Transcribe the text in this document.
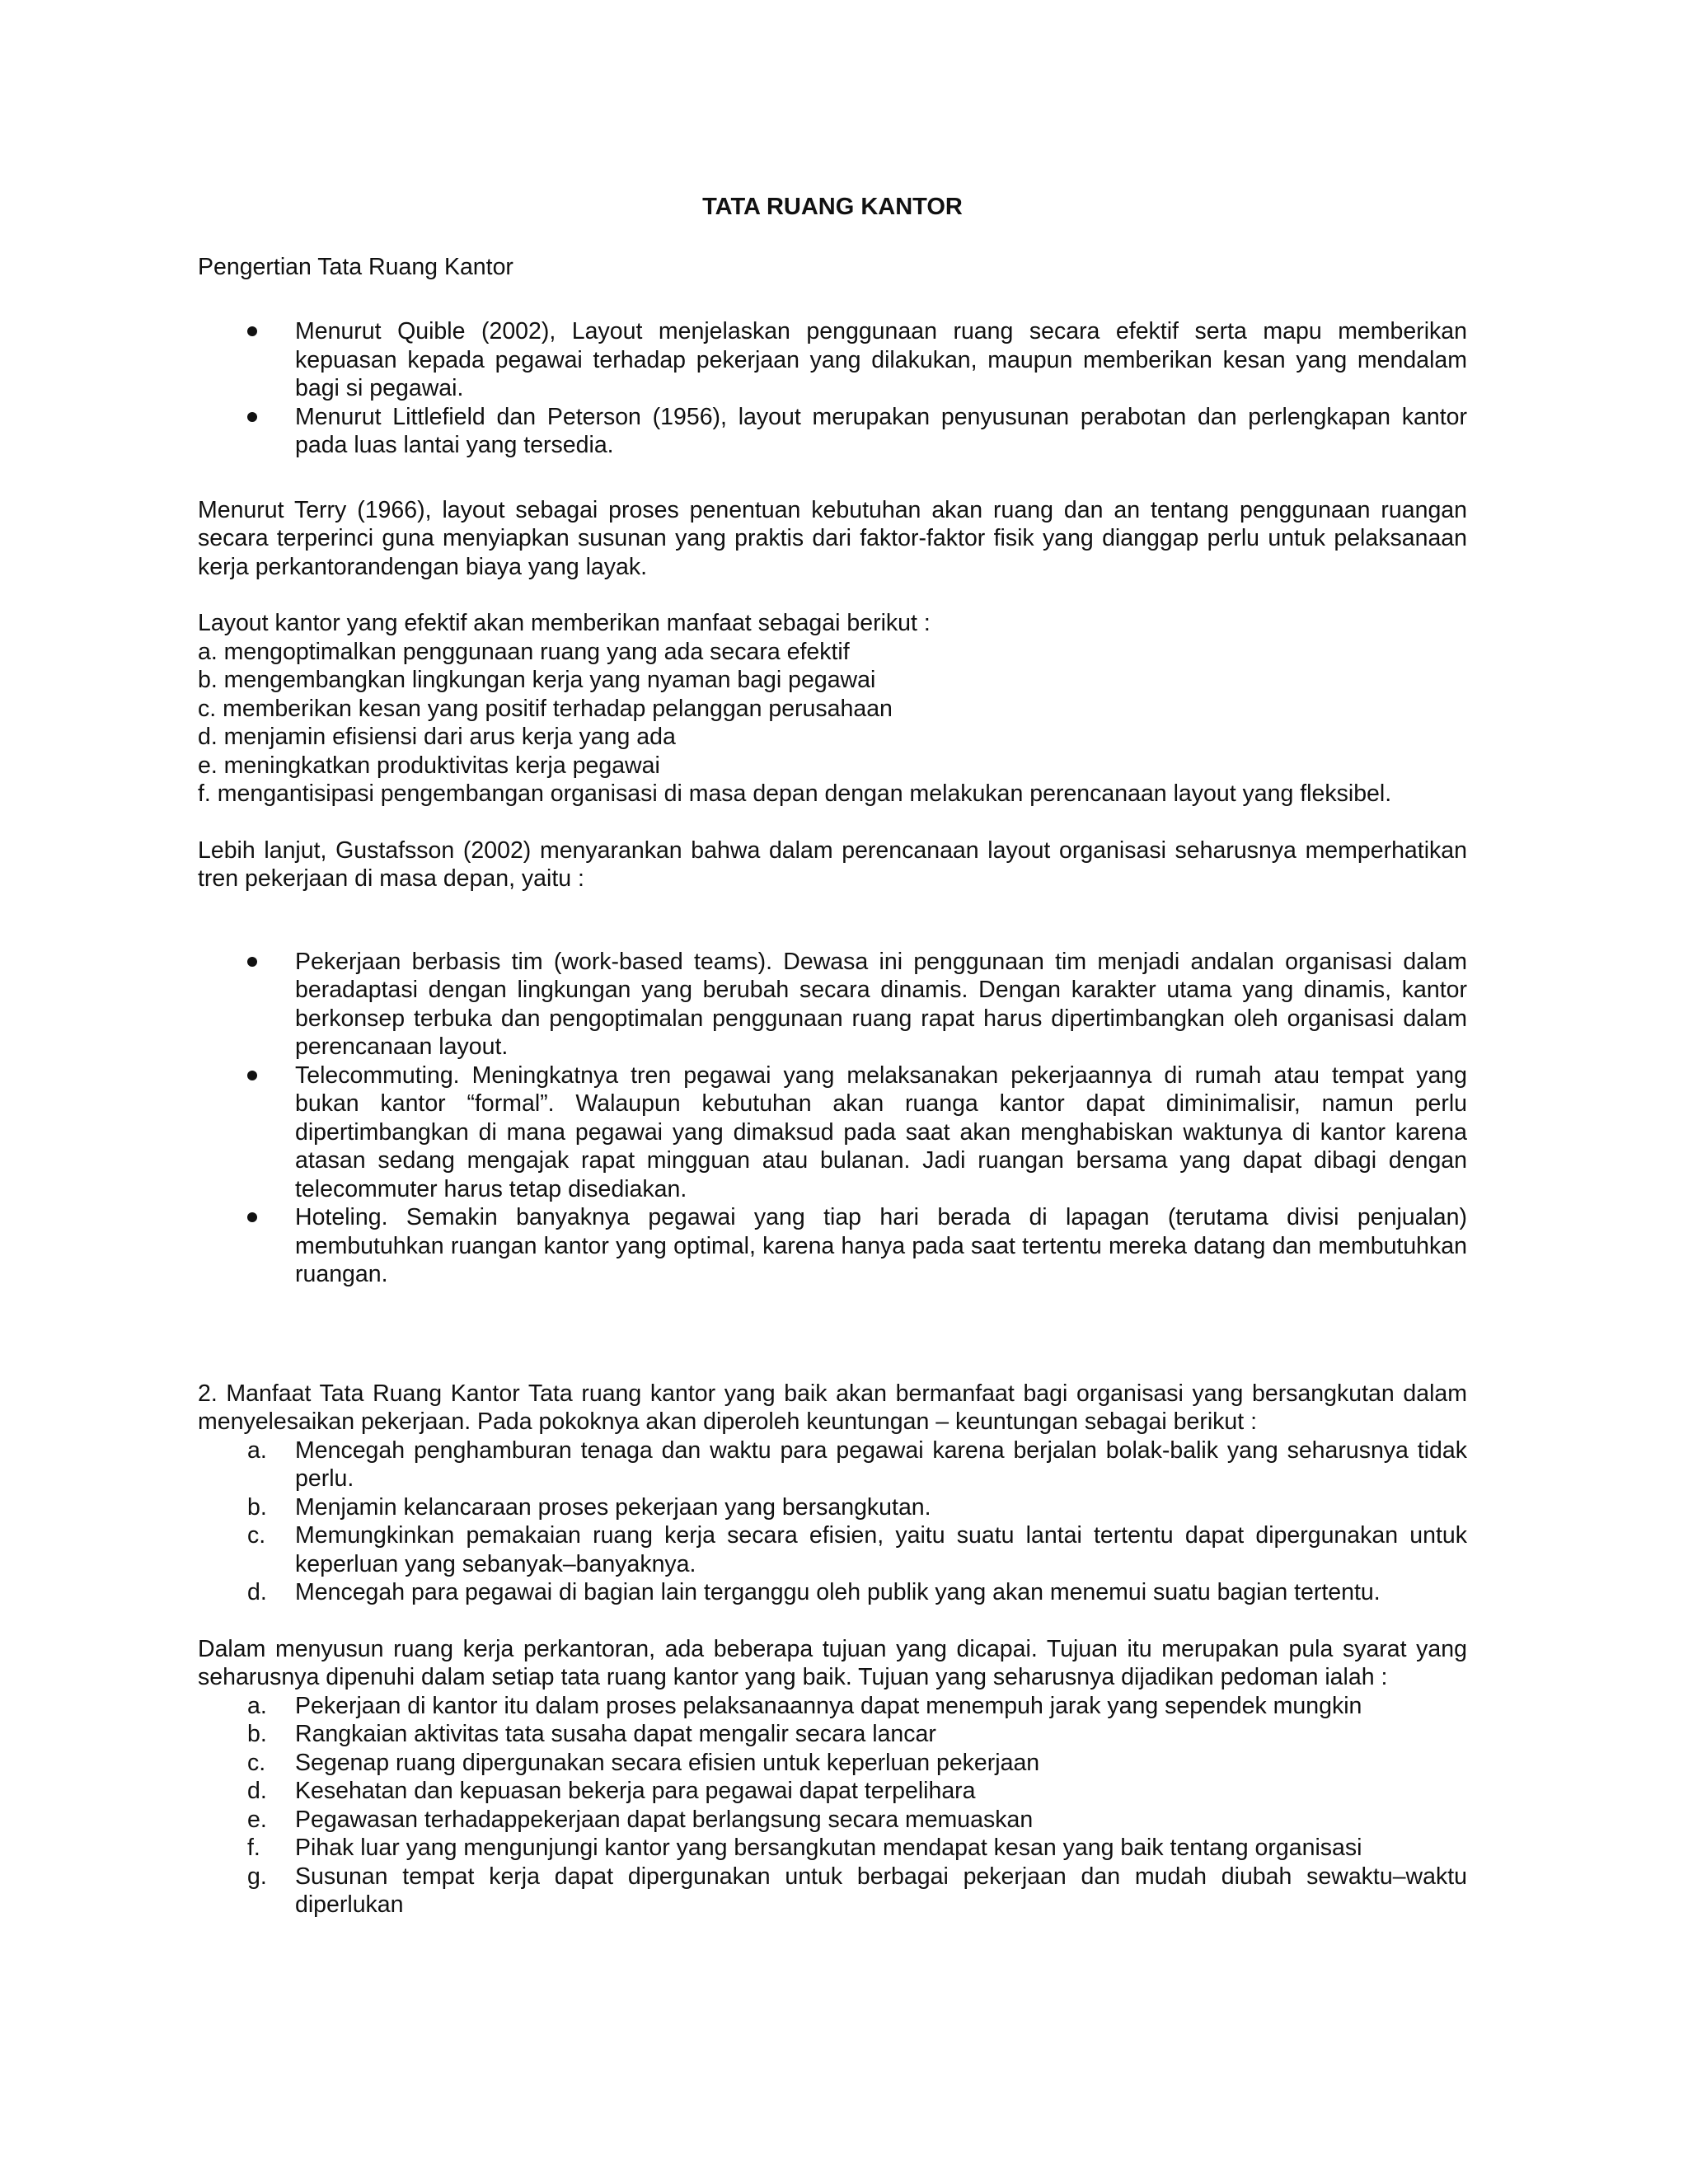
TATA RUANG KANTOR

Pengertian Tata Ruang Kantor

Menurut Quible (2002), Layout menjelaskan penggunaan ruang secara efektif serta mapu memberikan kepuasan kepada pegawai terhadap pekerjaan yang dilakukan, maupun memberikan kesan yang mendalam bagi si pegawai.
Menurut Littlefield dan Peterson (1956), layout merupakan penyusunan perabotan dan perlengkapan kantor pada luas lantai yang tersedia.

Menurut Terry (1966), layout sebagai proses penentuan kebutuhan akan ruang dan an tentang penggunaan ruangan secara terperinci guna menyiapkan susunan yang praktis dari faktor-faktor fisik yang dianggap perlu untuk pelaksanaan kerja perkantorandengan biaya yang layak.

Layout kantor yang efektif akan memberikan manfaat sebagai berikut :
a. mengoptimalkan penggunaan ruang yang ada secara efektif
b. mengembangkan lingkungan kerja yang nyaman bagi pegawai
c. memberikan kesan yang positif terhadap pelanggan perusahaan
d. menjamin efisiensi dari arus kerja yang ada
e. meningkatkan produktivitas kerja pegawai
f. mengantisipasi pengembangan organisasi di masa depan dengan melakukan perencanaan layout yang fleksibel.

Lebih lanjut, Gustafsson (2002) menyarankan bahwa dalam perencanaan layout organisasi seharusnya memperhatikan tren pekerjaan di masa depan, yaitu :

Pekerjaan berbasis tim (work-based teams). Dewasa ini penggunaan tim menjadi andalan organisasi dalam beradaptasi dengan lingkungan yang berubah secara dinamis. Dengan karakter utama yang dinamis, kantor berkonsep terbuka dan pengoptimalan penggunaan ruang rapat harus dipertimbangkan oleh organisasi dalam perencanaan layout.
Telecommuting. Meningkatnya tren pegawai yang melaksanakan pekerjaannya di rumah atau tempat yang bukan kantor “formal”. Walaupun kebutuhan akan ruanga kantor dapat diminimalisir, namun perlu dipertimbangkan di mana pegawai yang dimaksud pada saat akan menghabiskan waktunya di kantor karena atasan sedang mengajak rapat mingguan atau bulanan. Jadi ruangan bersama yang dapat dibagi dengan telecommuter harus tetap disediakan.
Hoteling. Semakin banyaknya pegawai yang tiap hari berada di lapagan (terutama divisi penjualan) membutuhkan ruangan kantor yang optimal, karena hanya pada saat tertentu mereka datang dan membutuhkan ruangan.

2. Manfaat Tata Ruang Kantor Tata ruang kantor yang baik akan bermanfaat bagi organisasi yang bersangkutan dalam menyelesaikan pekerjaan. Pada pokoknya akan diperoleh keuntungan – keuntungan sebagai berikut :

a. Mencegah penghamburan tenaga dan waktu para pegawai karena berjalan bolak-balik yang seharusnya tidak perlu.
b. Menjamin kelancaraan proses pekerjaan yang bersangkutan.
c. Memungkinkan pemakaian ruang kerja secara efisien, yaitu suatu lantai tertentu dapat dipergunakan untuk keperluan yang sebanyak–banyaknya.
d. Mencegah para pegawai di bagian lain terganggu oleh publik yang akan menemui suatu bagian tertentu.

Dalam menyusun ruang kerja perkantoran, ada beberapa tujuan yang dicapai. Tujuan itu merupakan pula syarat yang seharusnya dipenuhi dalam setiap tata ruang kantor yang baik. Tujuan yang seharusnya dijadikan pedoman ialah :

a. Pekerjaan di kantor itu dalam proses pelaksanaannya dapat menempuh jarak yang sependek mungkin
b. Rangkaian aktivitas tata susaha dapat mengalir secara lancar
c. Segenap ruang dipergunakan secara efisien untuk keperluan pekerjaan
d. Kesehatan dan kepuasan bekerja para pegawai dapat terpelihara
e. Pegawasan terhadappekerjaan dapat berlangsung secara memuaskan
f. Pihak luar yang mengunjungi kantor yang bersangkutan mendapat kesan yang baik tentang organisasi
g. Susunan tempat kerja dapat dipergunakan untuk berbagai pekerjaan dan mudah diubah sewaktu–waktu diperlukan
